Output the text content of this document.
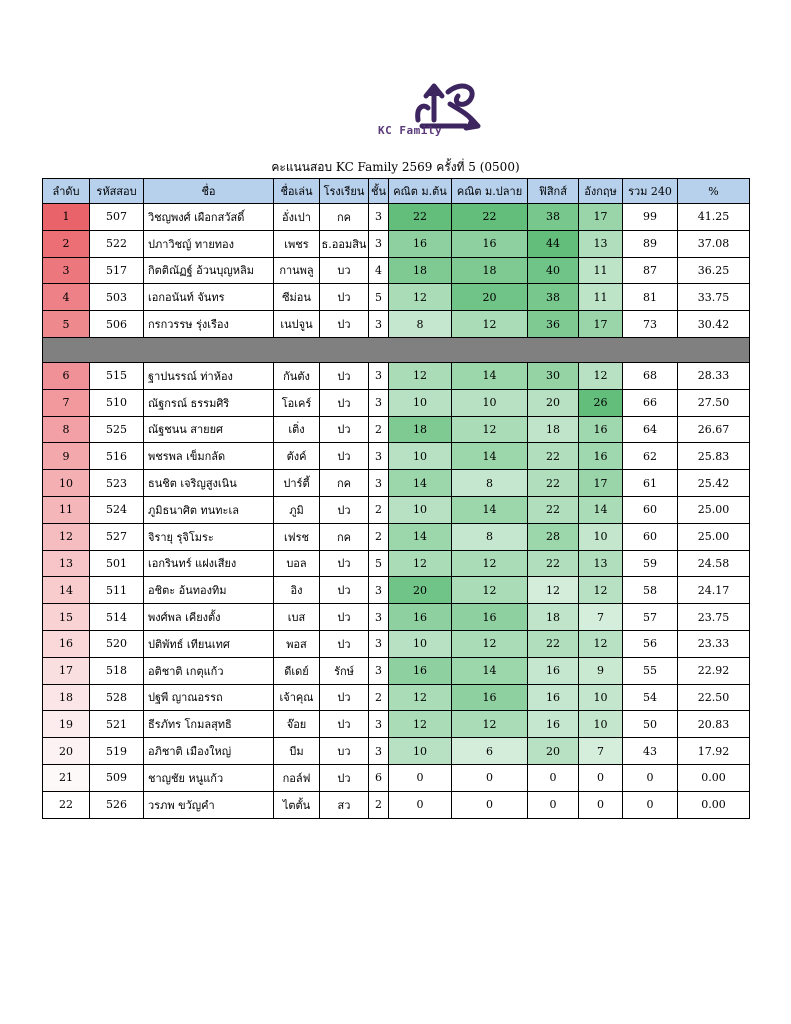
KC Family
คะแนนสอบ KC Family 2569 ครั้งที่ 5 (0500)
ลำดับ	รหัสสอบ	ชื่อ	ชื่อเล่น	โรงเรียน	ชั้น	คณิต ม.ต้น	คณิต ม.ปลาย	ฟิสิกส์	อังกฤษ	รวม 240	%
1	507	วิชญพงศ์ เผือกสวัสดิ์	อั่งเปา	กค	3	22	22	38	17	99	41.25
2	522	ปภาวิชญ์ ทายทอง	เพชร	ธ.ออมสิน	3	16	16	44	13	89	37.08
3	517	กิตติณัฏฐ์ อ้วนบุญหลิม	กานพลู	บว	4	18	18	40	11	87	36.25
4	503	เอกอนันท์ จันทร	ซีม่อน	ปว	5	12	20	38	11	81	33.75
5	506	กรกวรรษ รุ่งเรือง	เนปจูน	ปว	3	8	12	36	17	73	30.42

6	515	ฐาปนรรณ์ ท่าห้อง	กันตัง	ปว	3	12	14	30	12	68	28.33
7	510	ณัฐกรณ์ ธรรมศิริ	โอเคร์	ปว	3	10	10	20	26	66	27.50
8	525	ณัฐชนน สายยศ	เติ่ง	ปว	2	18	12	18	16	64	26.67
9	516	พชรพล เข็มกลัด	ตังค์	ปว	3	10	14	22	16	62	25.83
10	523	ธนชิต เจริญสูงเนิน	ปาร์ตี้	กค	3	14	8	22	17	61	25.42
11	524	ภูมิธนาศิต ทนทะเล	ภูมิ	ปว	2	10	14	22	14	60	25.00
12	527	จิรายุ รุจิโมระ	เฟรช	กค	2	14	8	28	10	60	25.00
13	501	เอกรินทร์ แฝงเสียง	บอล	ปว	5	12	12	22	13	59	24.58
14	511	อชิตะ อ้นทองทิม	อิง	ปว	3	20	12	12	12	58	24.17
15	514	พงศ์พล เคียงตั้ง	เบส	ปว	3	16	16	18	7	57	23.75
16	520	ปติพัทธ์ เทียนเทศ	พอส	ปว	3	10	12	22	12	56	23.33
17	518	อติชาติ เกตุแก้ว	ดีเดย์	รักษ์	3	16	14	16	9	55	22.92
18	528	ปฐพี ญาณอรรถ	เจ้าคุณ	ปว	2	12	16	16	10	54	22.50
19	521	ธีรภัทร โกมลสุทธิ	จ๊อย	ปว	3	12	12	16	10	50	20.83
20	519	อภิชาติ เมืองใหญ่	บีม	บว	3	10	6	20	7	43	17.92
21	509	ชาญชัย หนูแก้ว	กอล์ฟ	ปว	6	0	0	0	0	0	0.00
22	526	วรภพ ขวัญคำ	ไตตั้น	สว	2	0	0	0	0	0	0.00
